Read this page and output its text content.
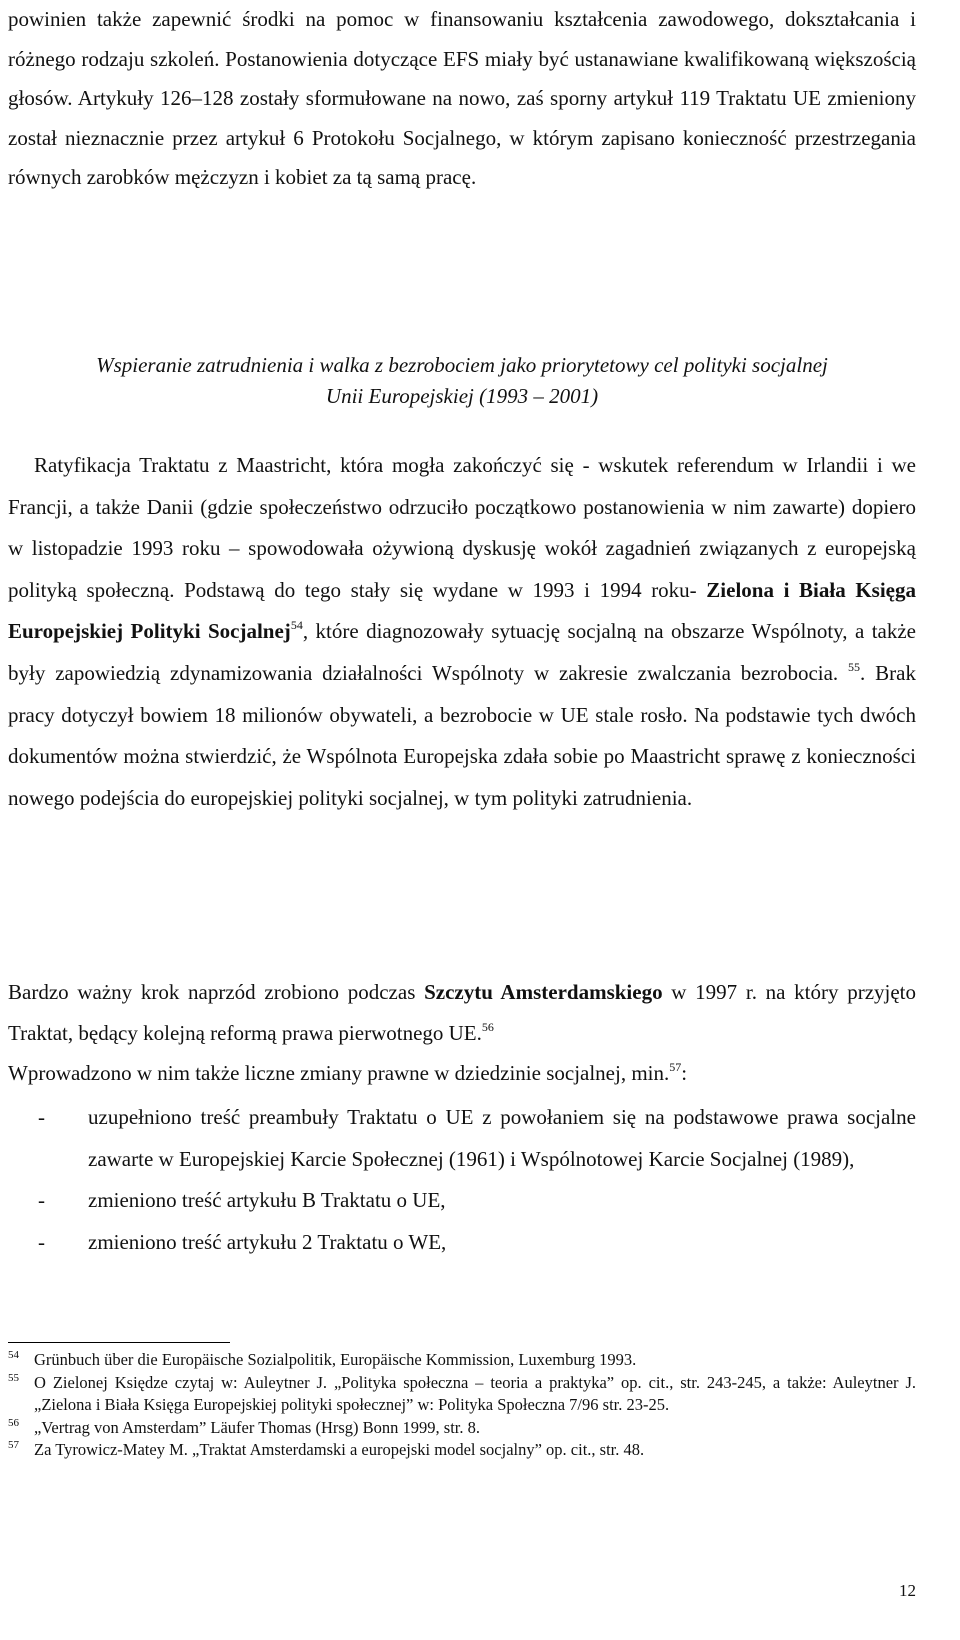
powinien także zapewnić środki na pomoc w finansowaniu kształcenia zawodowego, dokształcania i różnego rodzaju szkoleń. Postanowienia dotyczące EFS miały być ustanawiane kwalifikowaną większością głosów. Artykuły 126–128 zostały sformułowane na nowo, zaś sporny artykuł 119 Traktatu UE zmieniony został nieznacznie przez artykuł 6 Protokołu Socjalnego, w którym zapisano konieczność przestrzegania równych zarobków mężczyzn i kobiet za tą samą pracę.

Wspieranie zatrudnienia i walka z bezrobociem jako priorytetowy cel polityki socjalnej
Unii Europejskiej (1993 – 2001)
Ratyfikacja Traktatu z Maastricht, która mogła zakończyć się - wskutek referendum w Irlandii i we Francji, a także Danii (gdzie społeczeństwo odrzuciło początkowo postanowienia w nim zawarte) dopiero w listopadzie 1993 roku – spowodowała ożywioną dyskusję wokół zagadnień związanych z europejską polityką społeczną. Podstawą do tego stały się wydane w 1993 i 1994 roku- Zielona i Biała Księga Europejskiej Polityki Socjalnej$^{54}$, które diagnozowały sytuację socjalną na obszarze Wspólnoty, a także były zapowiedzią zdynamizowania działalności Wspólnoty w zakresie zwalczania bezrobocia. $^{55}$. Brak pracy dotyczył bowiem 18 milionów obywateli, a bezrobocie w UE stale rosło. Na podstawie tych dwóch dokumentów można stwierdzić, że Wspólnota Europejska zdała sobie po Maastricht sprawę z konieczności nowego podejścia do europejskiej polityki socjalnej, w tym polityki zatrudnienia.
Bardzo ważny krok naprzód zrobiono podczas Szczytu Amsterdamskiego w 1997 r. na który przyjęto Traktat, będący kolejną reformą prawa pierwotnego UE.$^{56}$
Wprowadzono w nim także liczne zmiany prawne w dziedzinie socjalnej, min.$^{57}$:
- uzupełniono treść preambuły Traktatu o UE z powołaniem się na podstawowe prawa socjalne zawarte w Europejskiej Karcie Społecznej (1961) i Wspólnotowej Karcie Socjalnej (1989),
- zmieniono treść artykułu B Traktatu o UE,
- zmieniono treść artykułu 2 Traktatu o WE,
54 Grünbuch über die Europäische Sozialpolitik, Europäische Kommission, Luxemburg 1993.
55 O Zielonej Księdze czytaj w: Auleytner J. „Polityka społeczna – teoria a praktyka” op. cit., str. 243-245, a także: Auleytner J. „Zielona i Biała Księga Europejskiej polityki społecznej” w: Polityka Społeczna 7/96 str. 23-25.
56 „Vertrag von Amsterdam” Läufer Thomas (Hrsg) Bonn 1999, str. 8.
57 Za Tyrowicz-Matey M. „Traktat Amsterdamski a europejski model socjalny” op. cit., str. 48.
12
